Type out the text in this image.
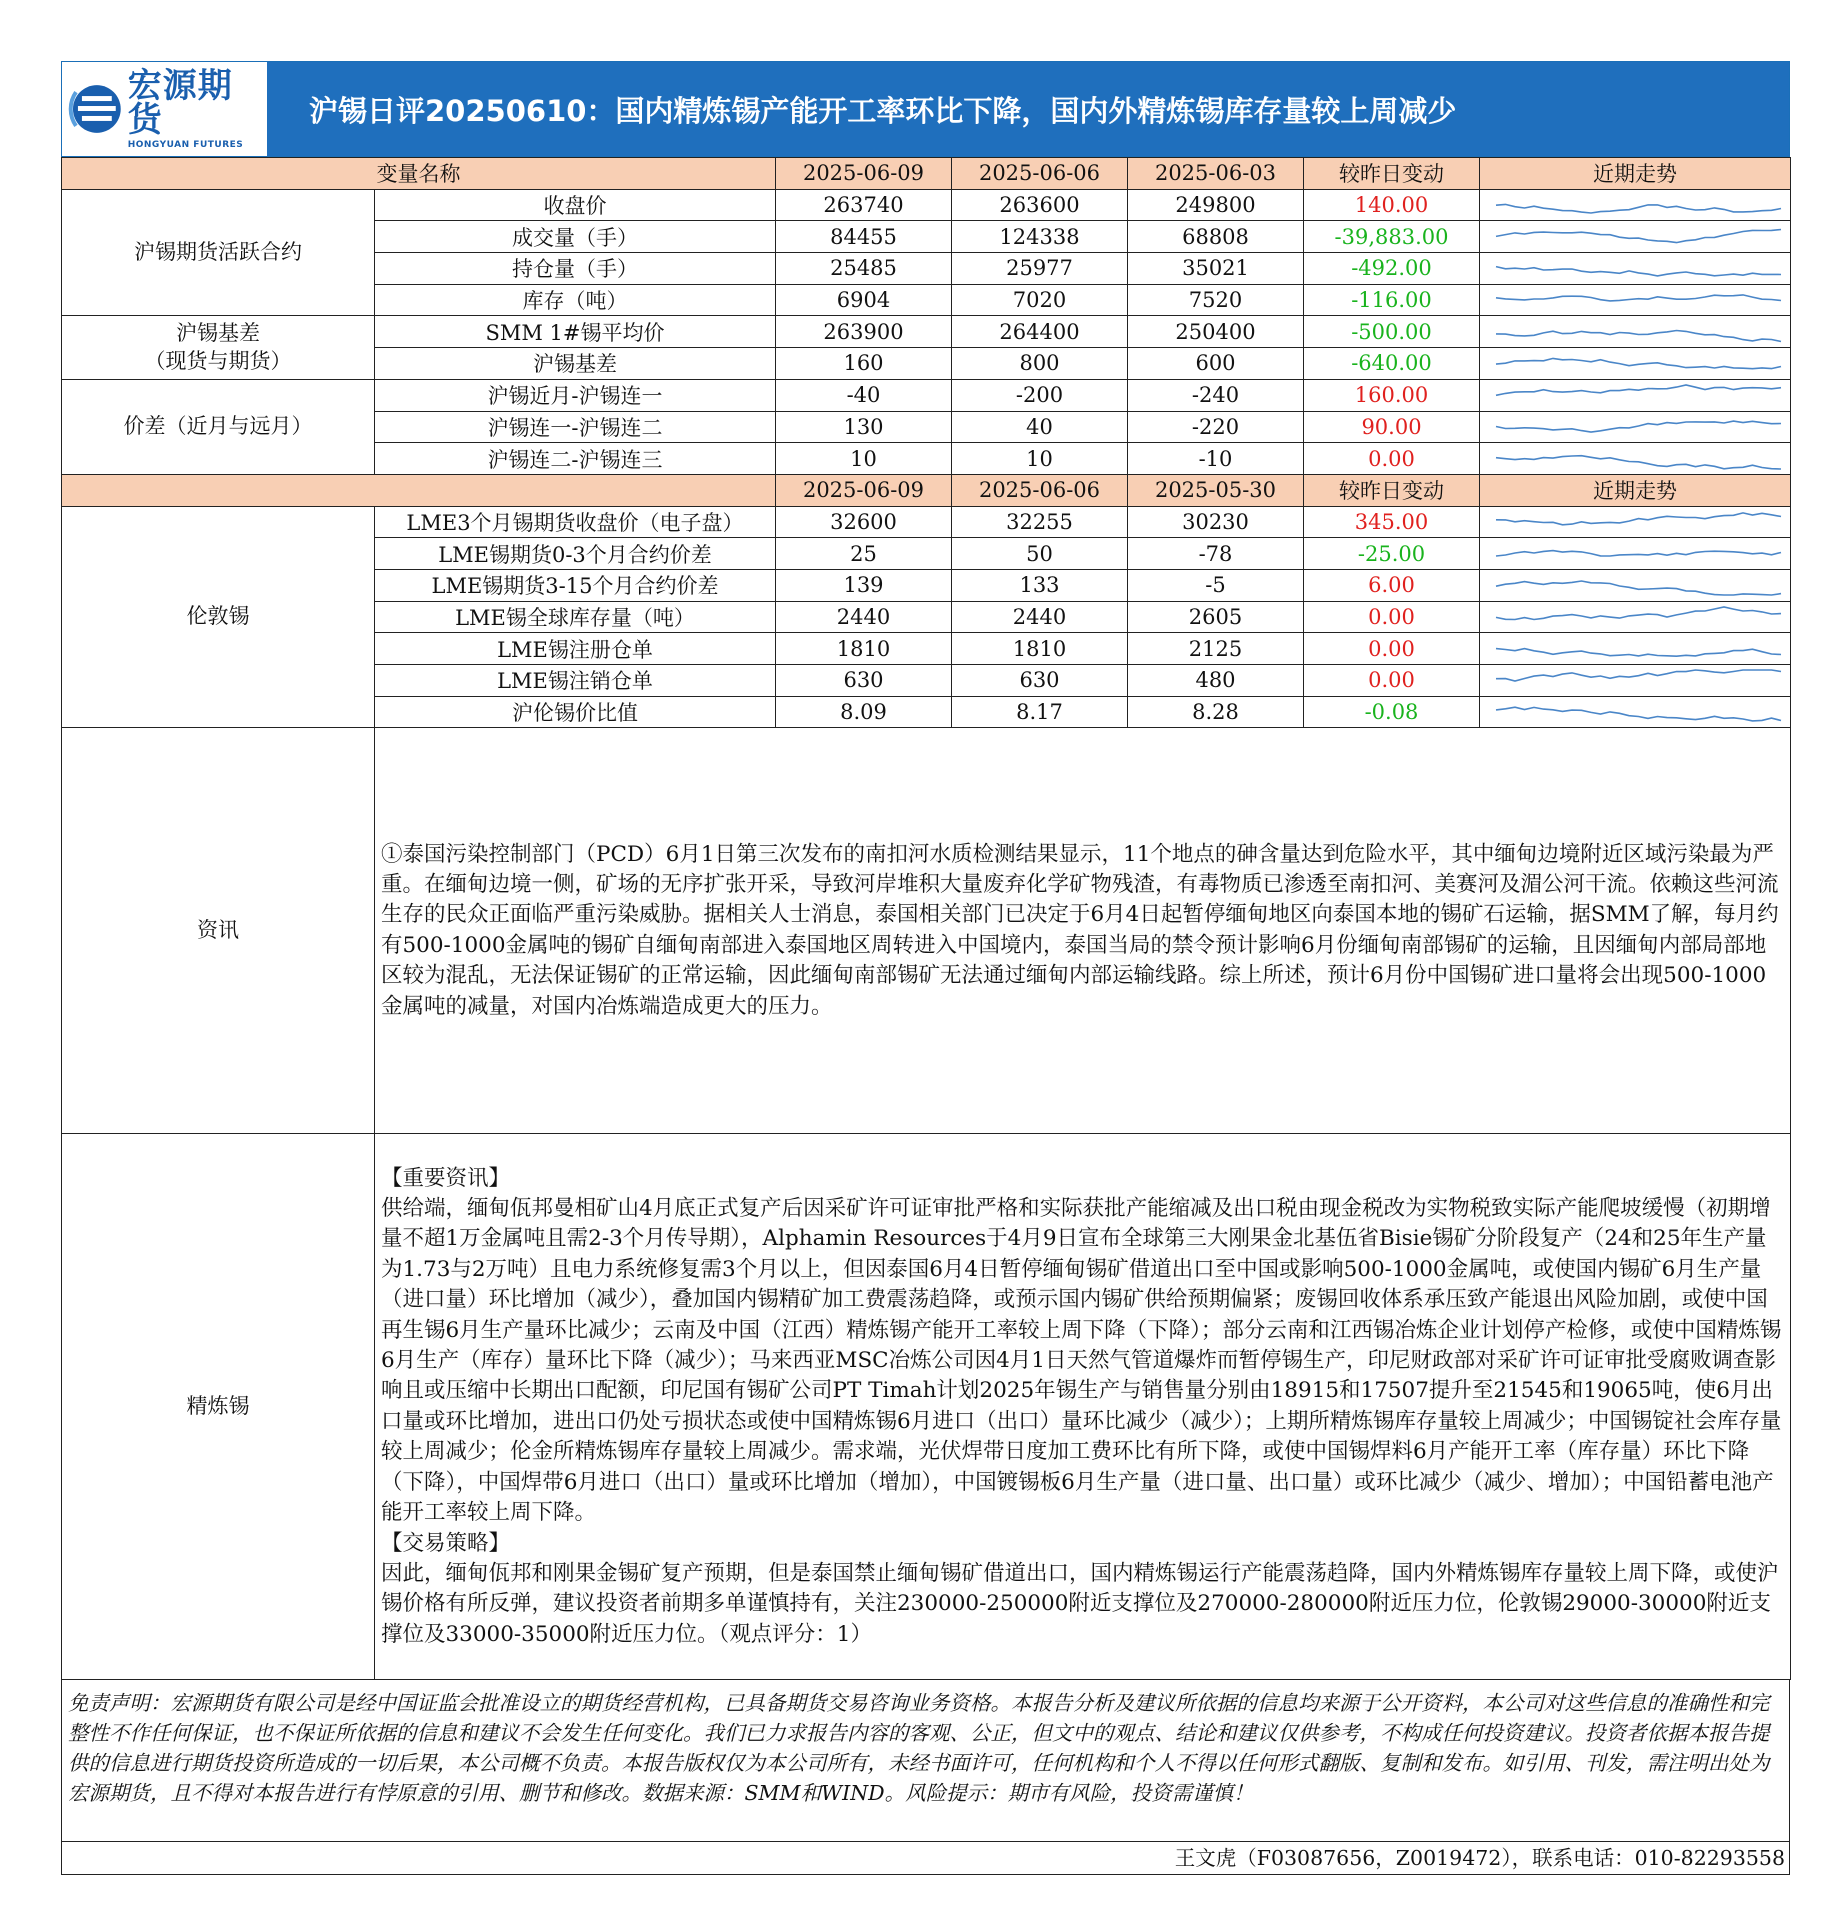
宏源期货
HONGYUAN FUTURES
沪锡日评20250610：国内精炼锡产能开工率环比下降，国内外精炼锡库存量较上周减少
变量名称		2025-06-09	2025-06-06	2025-06-03	较昨日变动	近期走势
沪锡期货活跃合约	收盘价	263740	263600	249800	140.00	

	成交量（手）	84455	124338	68808	-39,883.00	

	持仓量（手）	25485	25977	35021	-492.00	

	库存（吨）	6904	7020	7520	-116.00	

沪锡基差
（现货与期货）	SMM 1#锡平均价	263900	264400	250400	-500.00	

	沪锡基差	160	800	600	-640.00	

价差（近月与远月）	沪锡近月-沪锡连一	-40	-200	-240	160.00	

	沪锡连一-沪锡连二	130	40	-220	90.00	

	沪锡连二-沪锡连三	10	10	-10	0.00	

		2025-06-09	2025-06-06	2025-05-30	较昨日变动	近期走势
伦敦锡	LME3个月锡期货收盘价（电子盘）	32600	32255	30230	345.00	

	LME锡期货0-3个月合约价差	25	50	-78	-25.00	

	LME锡期货3-15个月合约价差	139	133	-5	6.00	

	LME锡全球库存量（吨）	2440	2440	2605	0.00	

	LME锡注册仓单	1810	1810	2125	0.00	

	LME锡注销仓单	630	630	480	0.00	

	沪伦锡价比值	8.09	8.17	8.28	-0.08	

资讯	①泰国污染控制部门（PCD）6月1日第三次发布的南扣河水质检测结果显示，11个地点的砷含量达到危险水平，其中缅甸边境附近区域污染最为严重。在缅甸边境一侧，矿场的无序扩张开采，导致河岸堆积大量废弃化学矿物残渣，有毒物质已渗透至南扣河、美赛河及湄公河干流。依赖这些河流生存的民众正面临严重污染威胁。据相关人士消息，泰国相关部门已决定于6月4日起暂停缅甸地区向泰国本地的锡矿石运输，据SMM了解，每月约有500-1000金属吨的锡矿自缅甸南部进入泰国地区周转进入中国境内，泰国当局的禁令预计影响6月份缅甸南部锡矿的运输，且因缅甸内部局部地区较为混乱，无法保证锡矿的正常运输，因此缅甸南部锡矿无法通过缅甸内部运输线路。综上所述，预计6月份中国锡矿进口量将会出现500-1000金属吨的减量，对国内冶炼端造成更大的压力。					
精炼锡	【重要资讯】
供给端，缅甸佤邦曼相矿山4月底正式复产后因采矿许可证审批严格和实际获批产能缩减及出口税由现金税改为实物税致实际产能爬坡缓慢（初期增量不超1万金属吨且需2-3个月传导期），Alphamin Resources于4月9日宣布全球第三大刚果金北基伍省Bisie锡矿分阶段复产（24和25年生产量为1.73与2万吨）且电力系统修复需3个月以上，但因泰国6月4日暂停缅甸锡矿借道出口至中国或影响500-1000金属吨，或使国内锡矿6月生产量（进口量）环比增加（减少），叠加国内锡精矿加工费震荡趋降，或预示国内锡矿供给预期偏紧；废锡回收体系承压致产能退出风险加剧，或使中国再生锡6月生产量环比减少；云南及中国（江西）精炼锡产能开工率较上周下降（下降）；部分云南和江西锡冶炼企业计划停产检修，或使中国精炼锡6月生产（库存）量环比下降（减少）；马来西亚MSC冶炼公司因4月1日天然气管道爆炸而暂停锡生产，印尼财政部对采矿许可证审批受腐败调查影响且或压缩中长期出口配额，印尼国有锡矿公司PT Timah计划2025年锡生产与销售量分别由18915和17507提升至21545和19065吨，使6月出口量或环比增加，进出口仍处亏损状态或使中国精炼锡6月进口（出口）量环比减少（减少）；上期所精炼锡库存量较上周减少；中国锡锭社会库存量较上周减少；伦金所精炼锡库存量较上周减少。需求端，光伏焊带日度加工费环比有所下降，或使中国锡焊料6月产能开工率（库存量）环比下降（下降），中国焊带6月进口（出口）量或环比增加（增加），中国镀锡板6月生产量（进口量、出口量）或环比减少（减少、增加）；中国铅蓄电池产能开工率较上周下降。
【交易策略】
因此，缅甸佤邦和刚果金锡矿复产预期，但是泰国禁止缅甸锡矿借道出口，国内精炼锡运行产能震荡趋降，国内外精炼锡库存量较上周下降，或使沪锡价格有所反弹，建议投资者前期多单谨慎持有，关注230000-250000附近支撑位及270000-280000附近压力位，伦敦锡29000-30000附近支撑位及33000-35000附近压力位。（观点评分：1）					
免责声明：宏源期货有限公司是经中国证监会批准设立的期货经营机构，已具备期货交易咨询业务资格。本报告分析及建议所依据的信息均来源于公开资料，本公司对这些信息的准确性和完整性不作任何保证，也不保证所依据的信息和建议不会发生任何变化。我们已力求报告内容的客观、公正，但文中的观点、结论和建议仅供参考，不构成任何投资建议。投资者依据本报告提供的信息进行期货投资所造成的一切后果，本公司概不负责。本报告版权仅为本公司所有，未经书面许可，任何机构和个人不得以任何形式翻版、复制和发布。如引用、刊发，需注明出处为宏源期货，且不得对本报告进行有悖原意的引用、删节和修改。数据来源：SMM和WIND。风险提示：期市有风险，投资需谨慎！
王文虎（F03087656，Z0019472），联系电话：010-82293558
